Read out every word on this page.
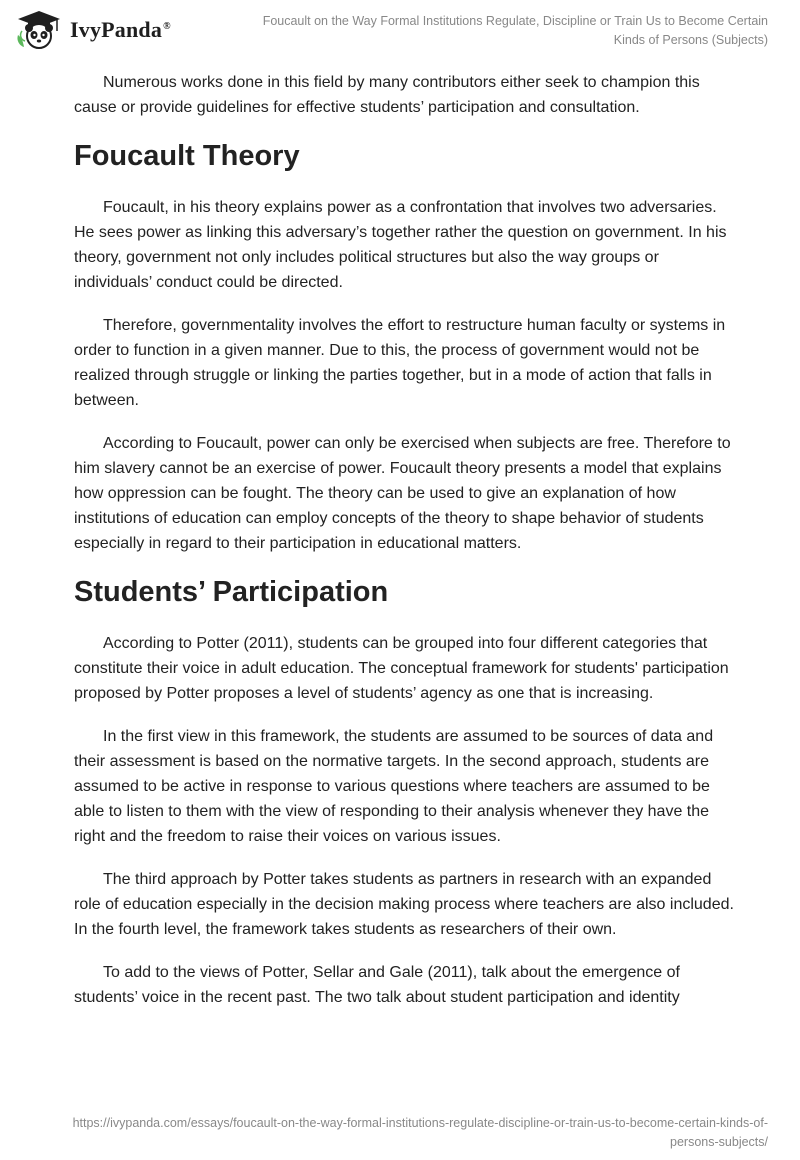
IvyPanda®	Foucault on the Way Formal Institutions Regulate, Discipline or Train Us to Become Certain Kinds of Persons (Subjects)

Numerous works done in this field by many contributors either seek to champion this cause or provide guidelines for effective students’ participation and consultation.

Foucault Theory

Foucault, in his theory explains power as a confrontation that involves two adversaries. He sees power as linking this adversary’s together rather the question on government. In his theory, government not only includes political structures but also the way groups or individuals’ conduct could be directed.

Therefore, governmentality involves the effort to restructure human faculty or systems in order to function in a given manner. Due to this, the process of government would not be realized through struggle or linking the parties together, but in a mode of action that falls in between.

According to Foucault, power can only be exercised when subjects are free. Therefore to him slavery cannot be an exercise of power. Foucault theory presents a model that explains how oppression can be fought. The theory can be used to give an explanation of how institutions of education can employ concepts of the theory to shape behavior of students especially in regard to their participation in educational matters.

Students’ Participation

According to Potter (2011), students can be grouped into four different categories that constitute their voice in adult education. The conceptual framework for students' participation proposed by Potter proposes a level of students’ agency as one that is increasing.

In the first view in this framework, the students are assumed to be sources of data and their assessment is based on the normative targets. In the second approach, students are assumed to be active in response to various questions where teachers are assumed to be able to listen to them with the view of responding to their analysis whenever they have the right and the freedom to raise their voices on various issues.

The third approach by Potter takes students as partners in research with an expanded role of education especially in the decision making process where teachers are also included. In the fourth level, the framework takes students as researchers of their own.

To add to the views of Potter, Sellar and Gale (2011), talk about the emergence of students’ voice in the recent past. The two talk about student participation and identity

https://ivypanda.com/essays/foucault-on-the-way-formal-institutions-regulate-discipline-or-train-us-to-become-certain-kinds-of-persons-subjects/
